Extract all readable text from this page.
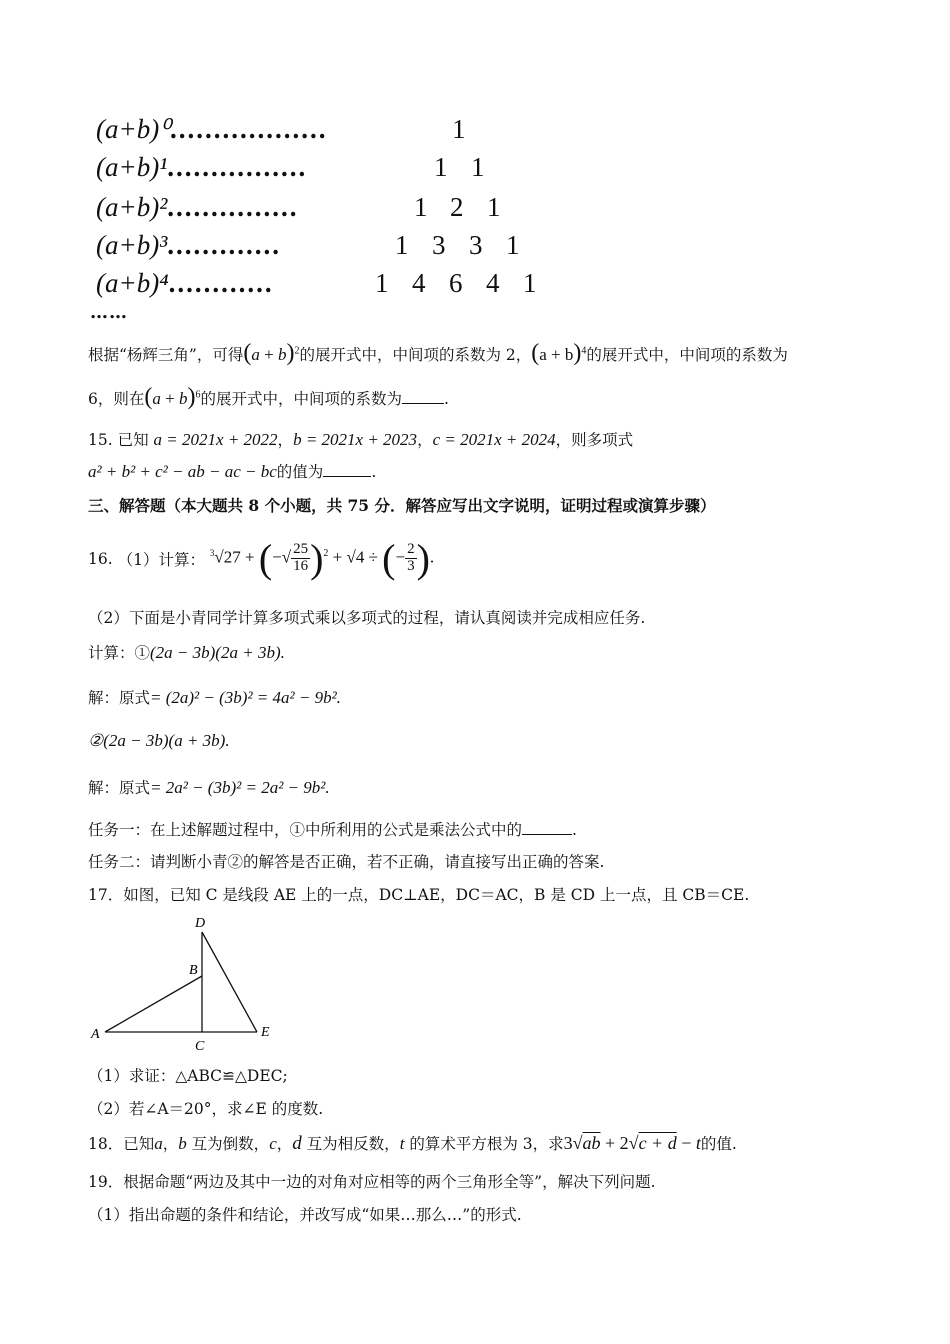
(a+b)⁰..................	1
(a+b)¹................	1 1
(a+b)²...............	1 2 1
(a+b)³.............	1 3 3 1
(a+b)⁴............	1 4 6 4 1
……
根据“杨辉三角”，可得$(a + b)^2$的展开式中，中间项的系数为 2，$(a + b)^4$的展开式中，中间项的系数为
6，则在$(a + b)^6$的展开式中，中间项的系数为	.
15. 已知 a = 2021x + 2022，b = 2021x + 2023，c = 2021x + 2024，则多项式
a² + b² + c² − ab − ac − bc的值为	.
三、解答题（本大题共 8 个小题，共 75 分．解答应写出文字说明，证明过程或演算步骤）
16. （1）计算： $^3$√27 + (−√ $\frac{25}{16} )^2 + √4$ ÷ (− $\frac{2}{3}$ ).
（2）下面是小青同学计算多项式乘以多项式的过程，请认真阅读并完成相应任务.
计算：①(2a − 3b)(2a + 3b).
解：原式= (2a)² − (3b)² = 4a² − 9b².
②(2a − 3b)(a + 3b).
解：原式= 2a² − (3b)² = 2a² − 9b².
任务一：在上述解题过程中，①中所利用的公式是乘法公式中的	.
任务二：请判断小青②的解答是否正确，若不正确，请直接写出正确的答案.
17．如图，已知 C 是线段 AE 上的一点，DC⊥AE，DC＝AC，B 是 CD 上一点，且 CB＝CE.
D
B
A
C
E
（1）求证：△ABC≌△DEC;
（2）若∠A＝20°，求∠E 的度数.
18．已知a，b 互为倒数，c，d 互为相反数，t 的算术平方根为 3，求3√ab + 2√c + d − t的值.
19．根据命题“两边及其中一边的对角对应相等的两个三角形全等”，解决下列问题.
（1）指出命题的条件和结论，并改写成“如果…那么…”的形式.
